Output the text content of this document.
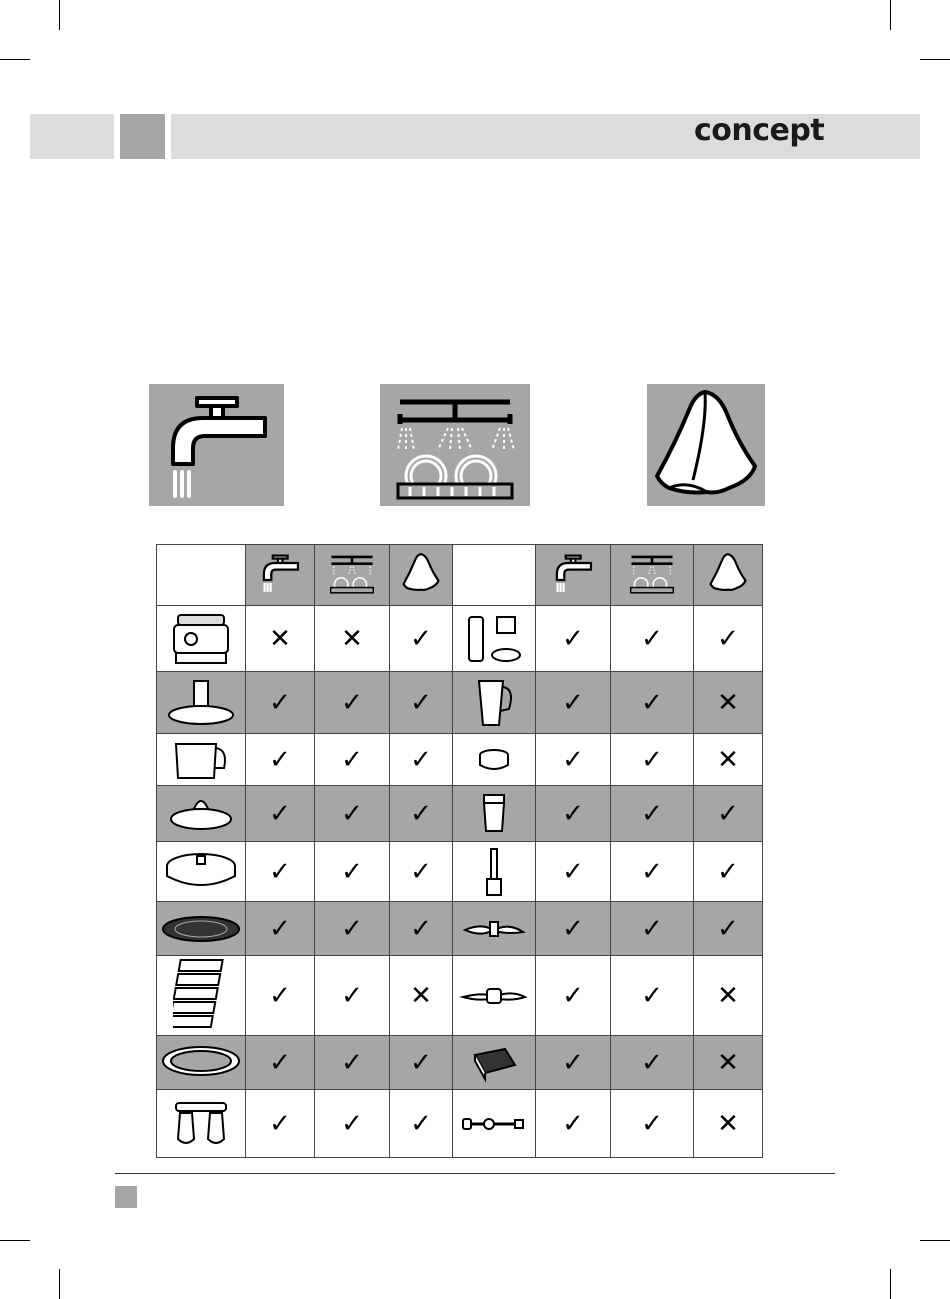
concept

	✕	✕	✓		✓	✓	✓

	✓	✓	✓		✓	✓	✕

	✓	✓	✓		✓	✓	✕

	✓	✓	✓		✓	✓	✓

	✓	✓	✓		✓	✓	✓

	✓	✓	✓		✓	✓	✓

	✓	✓	✕		✓	✓	✕

	✓	✓	✓		✓	✓	✕

	✓	✓	✓		✓	✓	✕
